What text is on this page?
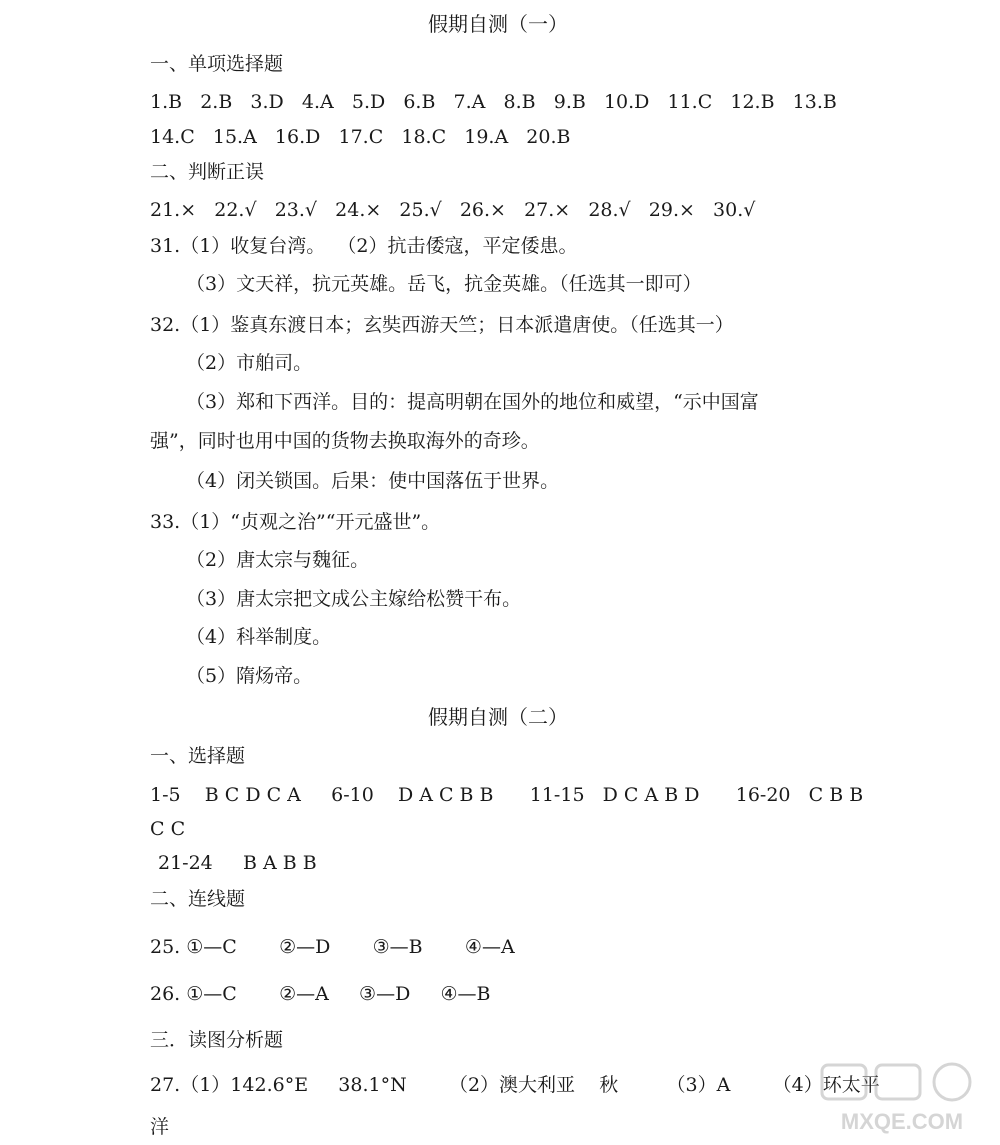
假期自测（一）
一、单项选择题
1.B   2.B   3.D   4.A   5.D   6.B   7.A   8.B   9.B   10.D   11.C   12.B   13.B
14.C   15.A   16.D   17.C   18.C   19.A   20.B
二、判断正误
21.×   22.√   23.√   24.×   25.√   26.×   27.×   28.√   29.×   30.√
31.（1）收复台湾。  （2）抗击倭寇，平定倭患。
（3）文天祥，抗元英雄。岳飞，抗金英雄。（任选其一即可）
32.（1）鉴真东渡日本；玄奘西游天竺；日本派遣唐使。（任选其一）
（2）市舶司。
（3）郑和下西洋。目的：提高明朝在国外的地位和威望，“示中国富
强”，同时也用中国的货物去换取海外的奇珍。
（4）闭关锁国。后果：使中国落伍于世界。
33.（1）“贞观之治”“开元盛世”。
（2）唐太宗与魏征。
（3）唐太宗把文成公主嫁给松赞干布。
（4）科举制度。
（5）隋炀帝。
假期自测（二）
一、选择题
1-5    B C D C A     6-10    D A C B B      11-15   D C A B D      16-20   C B B
C C
21-24     B A B B
二、连线题
25. ①—C       ②—D       ③—B       ④—A
26. ①—C       ②—A     ③—D     ④—B
三．读图分析题
27.（1）142.6°E     38.1°N       （2）澳大利亚    秋        （3）A       （4）环太平
洋	MXQE.COM
